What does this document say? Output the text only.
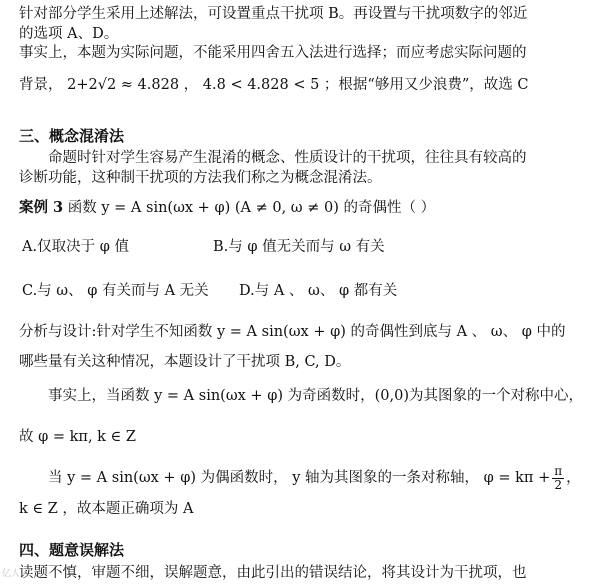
针对部分学生采用上述解法，可设置重点干扰项 B。再设置与干扰项数字的邻近
的选项 A、D。
事实上，本题为实际问题，不能采用四舍五入法进行选择；而应考虑实际问题的
背景， 2+2√2 ≈ 4.828 ， 4.8 < 4.828 < 5 ；根据“够用又少浪费”，故选 C
三、概念混淆法
命题时针对学生容易产生混淆的概念、性质设计的干扰项，往往具有较高的
诊断功能，这种制干扰项的方法我们称之为概念混淆法。
案例 3 函数 y = A sin(ωx + φ) (A ≠ 0, ω ≠ 0) 的奇偶性（ ）
A.仅取决于 φ 值	B.与 φ 值无关而与 ω 有关
C.与 ω、 φ 有关而与 A 无关 D.与 A 、 ω、 φ 都有关
分析与设计:针对学生不知函数 y = A sin(ωx + φ) 的奇偶性到底与 A 、 ω、 φ 中的
哪些量有关这种情况，本题设计了干扰项 B, C, D。
事实上，当函数 y = A sin(ωx + φ) 为奇函数时，(0,0)为其图象的一个对称中心，
故 φ = kπ, k ∈ Z
当 y = A sin(ωx + φ) 为偶函数时， y 轴为其图象的一条对称轴， $\varphi = k\pi + \frac{\pi}{2}$ ，
k ∈ Z ，故本题正确项为 A
四、题意误解法
读题不慎，审题不细，误解题意，由此引出的错误结论，将其设计为干扰项，也
亿人
